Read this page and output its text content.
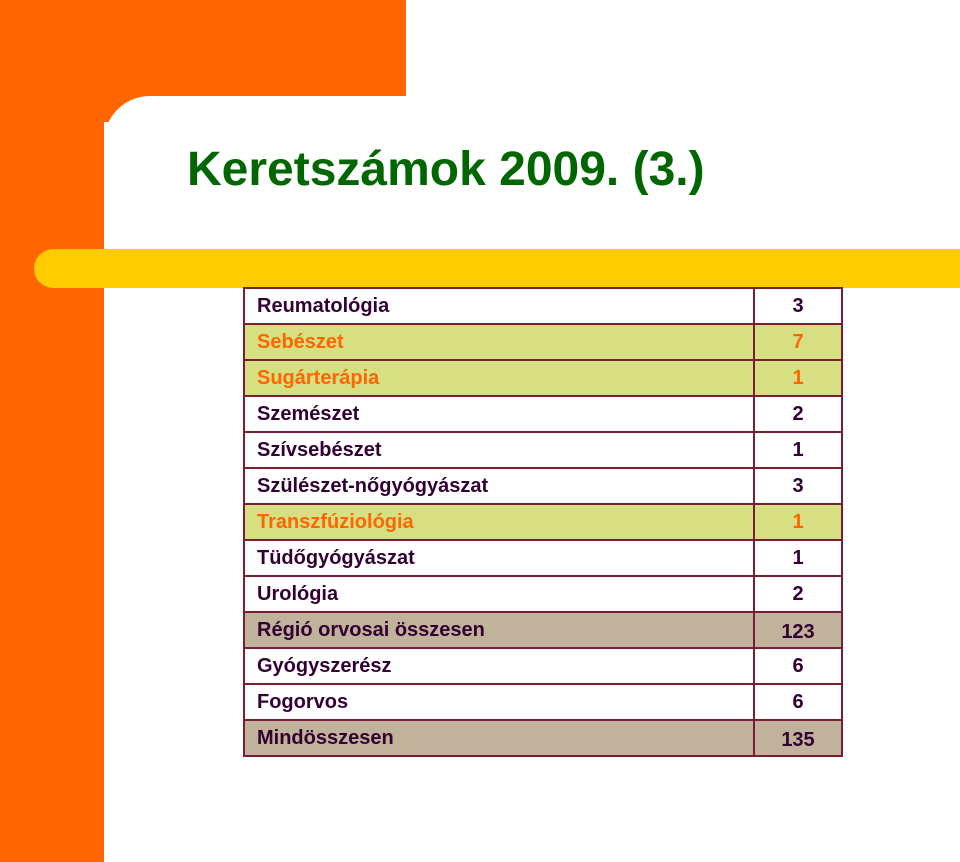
Keretszámok 2009. (3.)
Reumatológia	3
Sebészet	7
Sugárterápia	1
Szemészet	2
Szívsebészet	1
Szülészet-nőgyógyászat	3
Transzfúziológia	1
Tüdőgyógyászat	1
Urológia	2
Régió orvosai összesen	123
Gyógyszerész	6
Fogorvos	6
Mindösszesen	135
